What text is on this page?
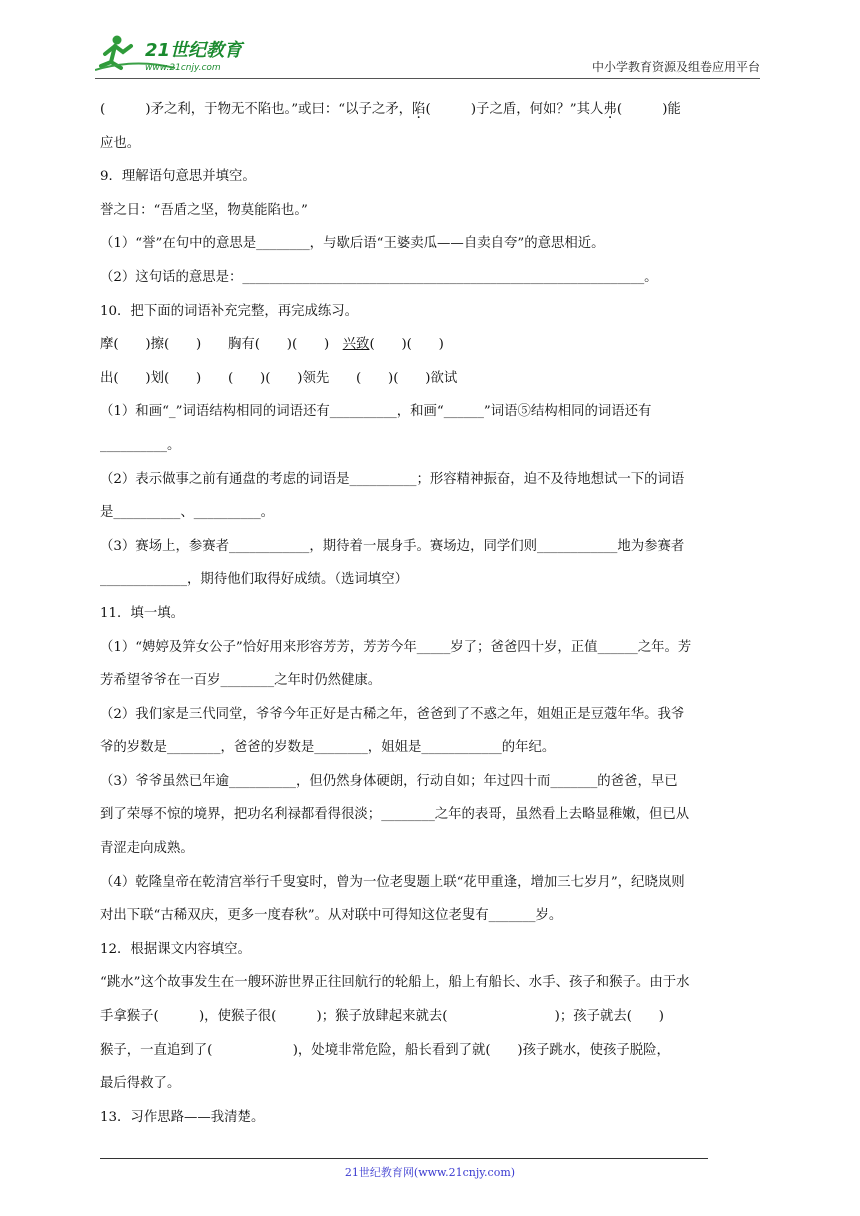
21世纪教育
www.21cnjy.com	中小学教育资源及组卷应用平台
(　　　)矛之利，于物无不陷也。”或曰：“以子之矛，陷(　　　)子之盾，何如？”其人弗(　　　)能
应也。
9．理解语句意思并填空。
誉之日：“吾盾之坚，物莫能陷也。”
（1）“誉”在句中的意思是________，与歇后语“王婆卖瓜——自卖自夸”的意思相近。
（2）这句话的意思是：____________________________________________________________。
10．把下面的词语补充完整，再完成练习。
摩(　　)擦(　　)　　胸有(　　)(　　)　兴致(　　)(　　)
出(　　)划(　　)　　(　　)(　　)领先　　(　　)(　　)欲试
（1）和画“_”词语结构相同的词语还有__________，和画“______”词语⑤结构相同的词语还有
__________。
（2）表示做事之前有通盘的考虑的词语是__________；形容精神振奋，迫不及待地想试一下的词语
是__________、__________。
（3）赛场上，参赛者____________，期待着一展身手。赛场边，同学们则____________地为参赛者
_____________，期待他们取得好成绩。（选词填空）
11．填一填。
（1）“娉婷及笄女公子”恰好用来形容芳芳，芳芳今年_____岁了；爸爸四十岁，正值______之年。芳
芳希望爷爷在一百岁________之年时仍然健康。
（2）我们家是三代同堂，爷爷今年正好是古稀之年，爸爸到了不惑之年，姐姐正是豆蔻年华。我爷
爷的岁数是________，爸爸的岁数是________，姐姐是____________的年纪。
（3）爷爷虽然已年逾__________，但仍然身体硬朗，行动自如；年过四十而_______的爸爸，早已
到了荣辱不惊的境界，把功名利禄都看得很淡；________之年的表哥，虽然看上去略显稚嫩，但已从
青涩走向成熟。
（4）乾隆皇帝在乾清宫举行千叟宴时，曾为一位老叟题上联“花甲重逢，增加三七岁月”，纪晓岚则
对出下联“古稀双庆，更多一度春秋”。从对联中可得知这位老叟有_______岁。
12．根据课文内容填空。
“跳水”这个故事发生在一艘环游世界正往回航行的轮船上，船上有船长、水手、孩子和猴子。由于水
手拿猴子(　　　)，使猴子很(　　　)；猴子放肆起来就去(　　　　　　　　)；孩子就去(　　)
猴子，一直追到了(　　　　　　)，处境非常危险，船长看到了就(　　)孩子跳水，使孩子脱险，
最后得救了。
13．习作思路——我清楚。
21世纪教育网(www.21cnjy.com)
